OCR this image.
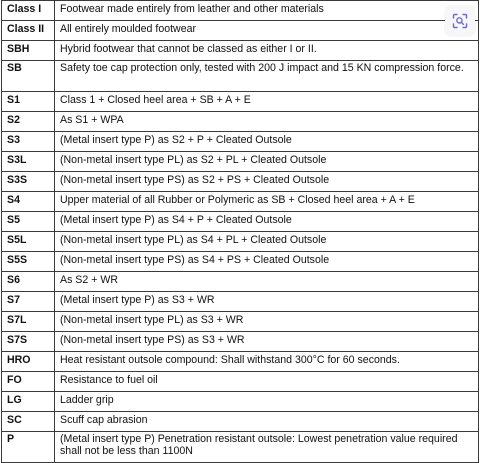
Class I	Footwear made entirely from leather and other materials
Class II	All entirely moulded footwear
SBH	Hybrid footwear that cannot be classed as either I or II.
SB	Safety toe cap protection only, tested with 200 J impact and 15 KN compression force.
S1	Class 1 + Closed heel area + SB + A + E
S2	As S1 + WPA
S3	(Metal insert type P) as S2 + P + Cleated Outsole
S3L	(Non-metal insert type PL) as S2 + PL + Cleated Outsole
S3S	(Non-metal insert type PS) as S2 + PS + Cleated Outsole
S4	Upper material of all Rubber or Polymeric as SB + Closed heel area + A + E
S5	(Metal insert type P) as S4 + P + Cleated Outsole
S5L	(Non-metal insert type PL) as S4 + PL + Cleated Outsole
S5S	(Non-metal insert type PS) as S4 + PS + Cleated Outsole
S6	As S2 + WR
S7	(Metal insert type P) as S3 + WR
S7L	(Non-metal insert type PL) as S3 + WR
S7S	(Non-metal insert type PS) as S3 + WR
HRO	Heat resistant outsole compound: Shall withstand 300°C for 60 seconds.
FO	Resistance to fuel oil
LG	Ladder grip
SC	Scuff cap abrasion
P	(Metal insert type P) Penetration resistant outsole: Lowest penetration value required shall not be less than 1100N
